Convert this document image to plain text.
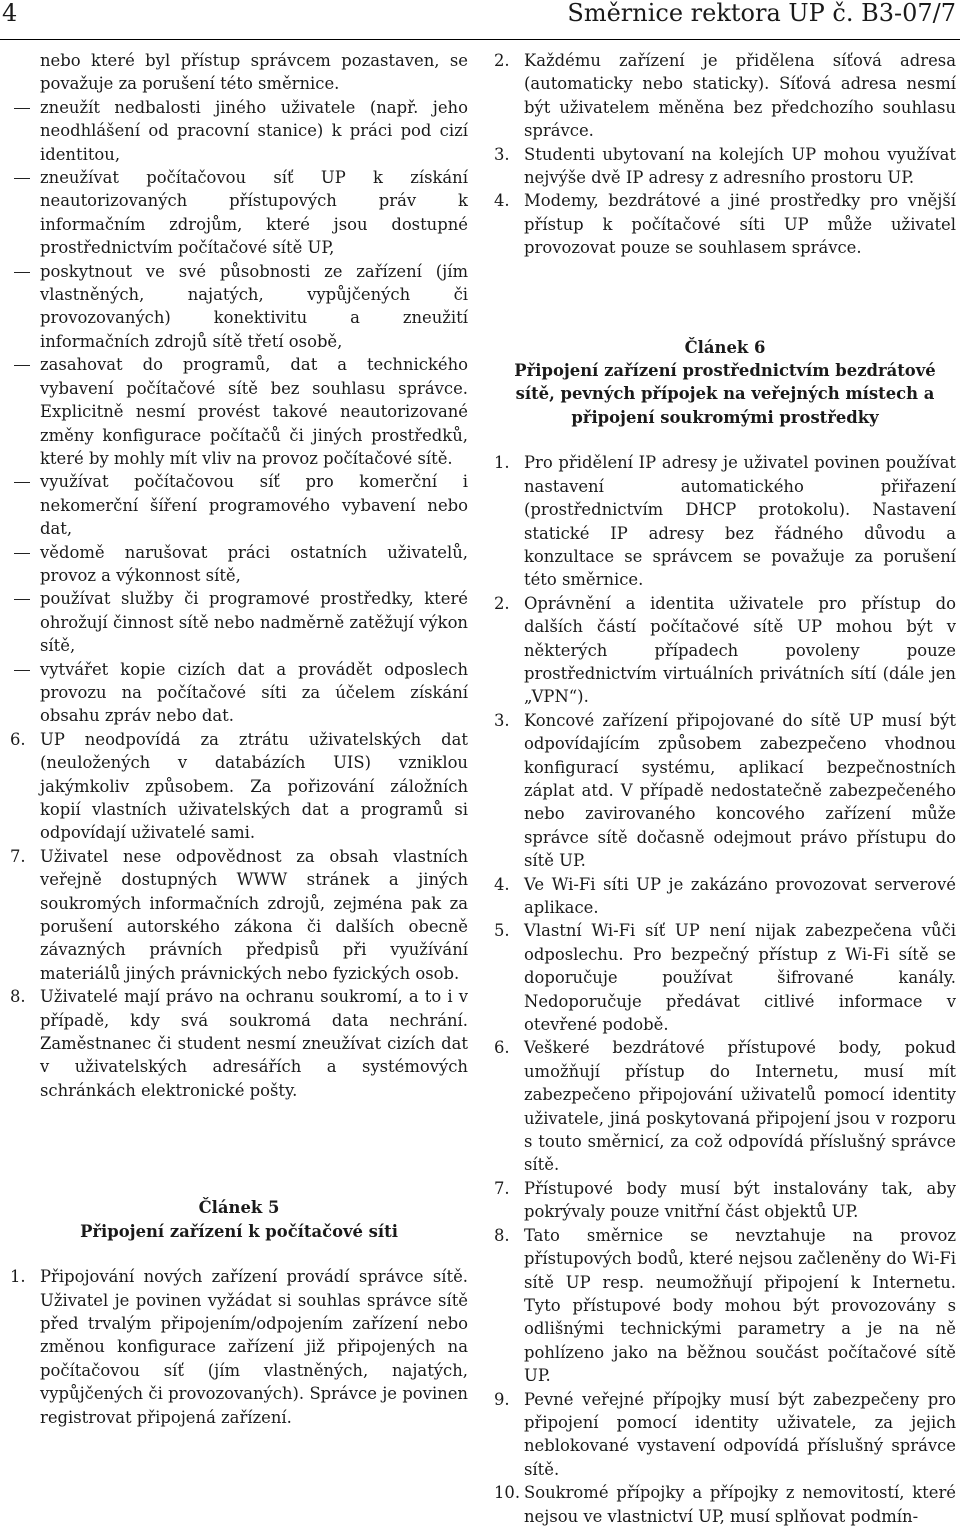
4	Směrnice rektora UP č. B3-07/7

nebo které byl přístup správcem pozastaven, se považuje za porušení této směrnice.

zneužít nedbalosti jiného uživatele (např. jeho neodhlášení od pracovní stanice) k práci pod cizí identitou,

zneužívat počítačovou síť UP k získání neautorizovaných přístupových práv k informačním zdrojům, které jsou dostupné prostřednictvím počítačové sítě UP,

poskytnout ve své působnosti ze zařízení (jím vlastněných, najatých, vypůjčených či provozovaných) konektivitu a zneužití informačních zdrojů sítě třetí osobě,

zasahovat do programů, dat a technického vybavení počítačové sítě bez souhlasu správce. Explicitně nesmí provést takové neautorizované změny konfigurace počítačů či jiných prostředků, které by mohly mít vliv na provoz počítačové sítě.

využívat počítačovou síť pro komerční i nekomerční šíření programového vybavení nebo dat,

vědomě narušovat práci ostatních uživatelů, provoz a výkonnost sítě,

používat služby či programové prostředky, které ohrožují činnost sítě nebo nadměrně zatěžují výkon sítě,

vytvářet kopie cizích dat a provádět odposlech provozu na počítačové síti za účelem získání obsahu zpráv nebo dat.

6. UP neodpovídá za ztrátu uživatelských dat (neuložených v databázích UIS) vzniklou jakýmkoliv způsobem. Za pořizování záložních kopií vlastních uživatelských dat a programů si odpovídají uživatelé sami.

7. Uživatel nese odpovědnost za obsah vlastních veřejně dostupných WWW stránek a jiných soukromých informačních zdrojů, zejména pak za porušení autorského zákona či dalších obecně závazných právních předpisů při využívání materiálů jiných právnických nebo fyzických osob.

8. Uživatelé mají právo na ochranu soukromí, a to i v případě, kdy svá soukromá data nechrání. Zaměstnanec či student nesmí zneužívat cizích dat v uživatelských adresářích a systémových schránkách elektronické pošty.

Článek 5

Připojení zařízení k počítačové síti

1. Připojování nových zařízení provádí správce sítě. Uživatel je povinen vyžádat si souhlas správce sítě před trvalým připojením/odpojením zařízení nebo změnou konfigurace zařízení již připojených na počítačovou síť (jím vlastněných, najatých, vypůjčených či provozovaných). Správce je povinen registrovat připojená zařízení.

2. Každému zařízení je přidělena síťová adresa (automaticky nebo staticky). Síťová adresa nesmí být uživatelem měněna bez předchozího souhlasu správce.

3. Studenti ubytovaní na kolejích UP mohou využívat nejvýše dvě IP adresy z adresního prostoru UP.

4. Modemy, bezdrátové a jiné prostředky pro vnější přístup k počítačové síti UP může uživatel provozovat pouze se souhlasem správce.

Článek 6

Připojení zařízení prostřednictvím bezdrátové sítě, pevných přípojek na veřejných místech a připojení soukromými prostředky

1. Pro přidělení IP adresy je uživatel povinen používat nastavení automatického přiřazení (prostřednictvím DHCP protokolu). Nastavení statické IP adresy bez řádného důvodu a konzultace se správcem se považuje za porušení této směrnice.

2. Oprávnění a identita uživatele pro přístup do dalších částí počítačové sítě UP mohou být v některých případech povoleny pouze prostřednictvím virtuálních privátních sítí (dále jen „VPN“).

3. Koncové zařízení připojované do sítě UP musí být odpovídajícím způsobem zabezpečeno vhodnou konfigurací systému, aplikací bezpečnostních záplat atd. V případě nedostatečně zabezpečeného nebo zavirovaného koncového zařízení může správce sítě dočasně odejmout právo přístupu do sítě UP.

4. Ve Wi-Fi síti UP je zakázáno provozovat serverové aplikace.

5. Vlastní Wi-Fi síť UP není nijak zabezpečena vůči odposlechu. Pro bezpečný přístup z Wi-Fi sítě se doporučuje používat šifrované kanály. Nedoporučuje předávat citlivé informace v otevřené podobě.

6. Veškeré bezdrátové přístupové body, pokud umožňují přístup do Internetu, musí mít zabezpečeno připojování uživatelů pomocí identity uživatele, jiná poskytovaná připojení jsou v rozporu s touto směrnicí, za což odpovídá příslušný správce sítě.

7. Přístupové body musí být instalovány tak, aby pokrývaly pouze vnitřní část objektů UP.

8. Tato směrnice se nevztahuje na provoz přístupových bodů, které nejsou začleněny do Wi-Fi sítě UP resp. neumožňují připojení k Internetu. Tyto přístupové body mohou být provozovány s odlišnými technickými parametry a je na ně pohlízeno jako na běžnou součást počítačové sítě UP.

9. Pevné veřejné přípojky musí být zabezpečeny pro připojení pomocí identity uživatele, za jejich neblokované vystavení odpovídá příslušný správce sítě.

10. Soukromé přípojky a přípojky z nemovitostí, které nejsou ve vlastnictví UP, musí splňovat podmín-
